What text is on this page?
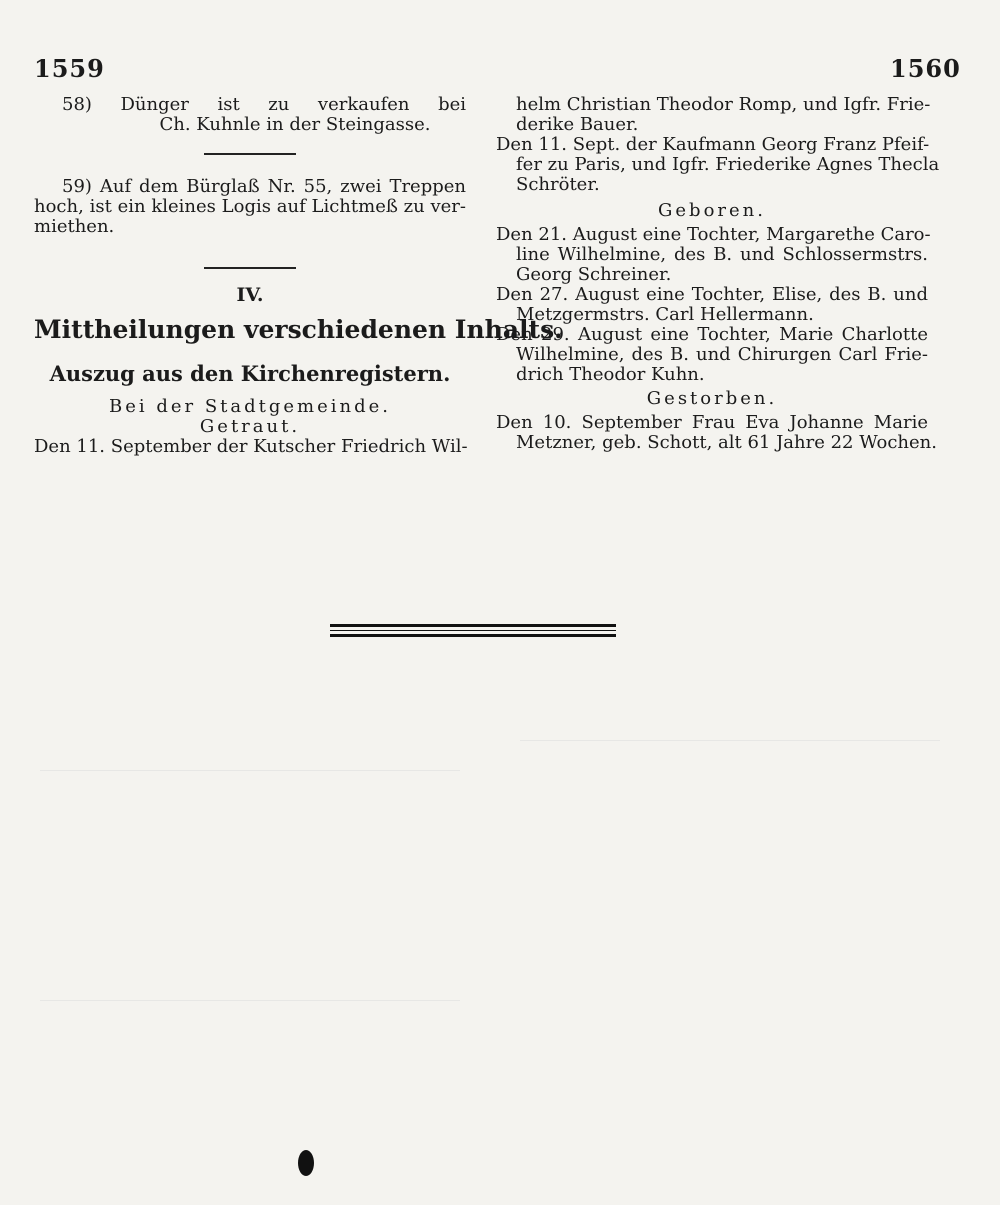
1559	1560

58) Dünger ist zu verkaufen bei

Ch. Kuhnle in der Steingasse.

59) Auf dem Bürglaß Nr. 55, zwei Treppen

hoch, ist ein kleines Logis auf Lichtmeß zu ver-

miethen.

IV.
Mittheilungen verschiedenen Inhalts.
Auszug aus den Kirchenregistern.
Bei der Stadtgemeinde.
Getraut.
Den 11. September der Kutscher Friedrich Wil-

helm Christian Theodor Romp, und Igfr. Frie-

derike Bauer.

Den 11. Sept. der Kaufmann Georg Franz Pfeif-

fer zu Paris, und Igfr. Friederike Agnes Thecla

Schröter.

Geboren.

Den 21. August eine Tochter, Margarethe Caro-

line Wilhelmine, des B. und Schlossermstrs.

Georg Schreiner.

Den 27. August eine Tochter, Elise, des B. und

Metzgermstrs. Carl Hellermann.

Den 29. August eine Tochter, Marie Charlotte

Wilhelmine, des B. und Chirurgen Carl Frie-

drich Theodor Kuhn.

Gestorben.

Den 10. September Frau Eva Johanne Marie

Metzner, geb. Schott, alt 61 Jahre 22 Wochen.
